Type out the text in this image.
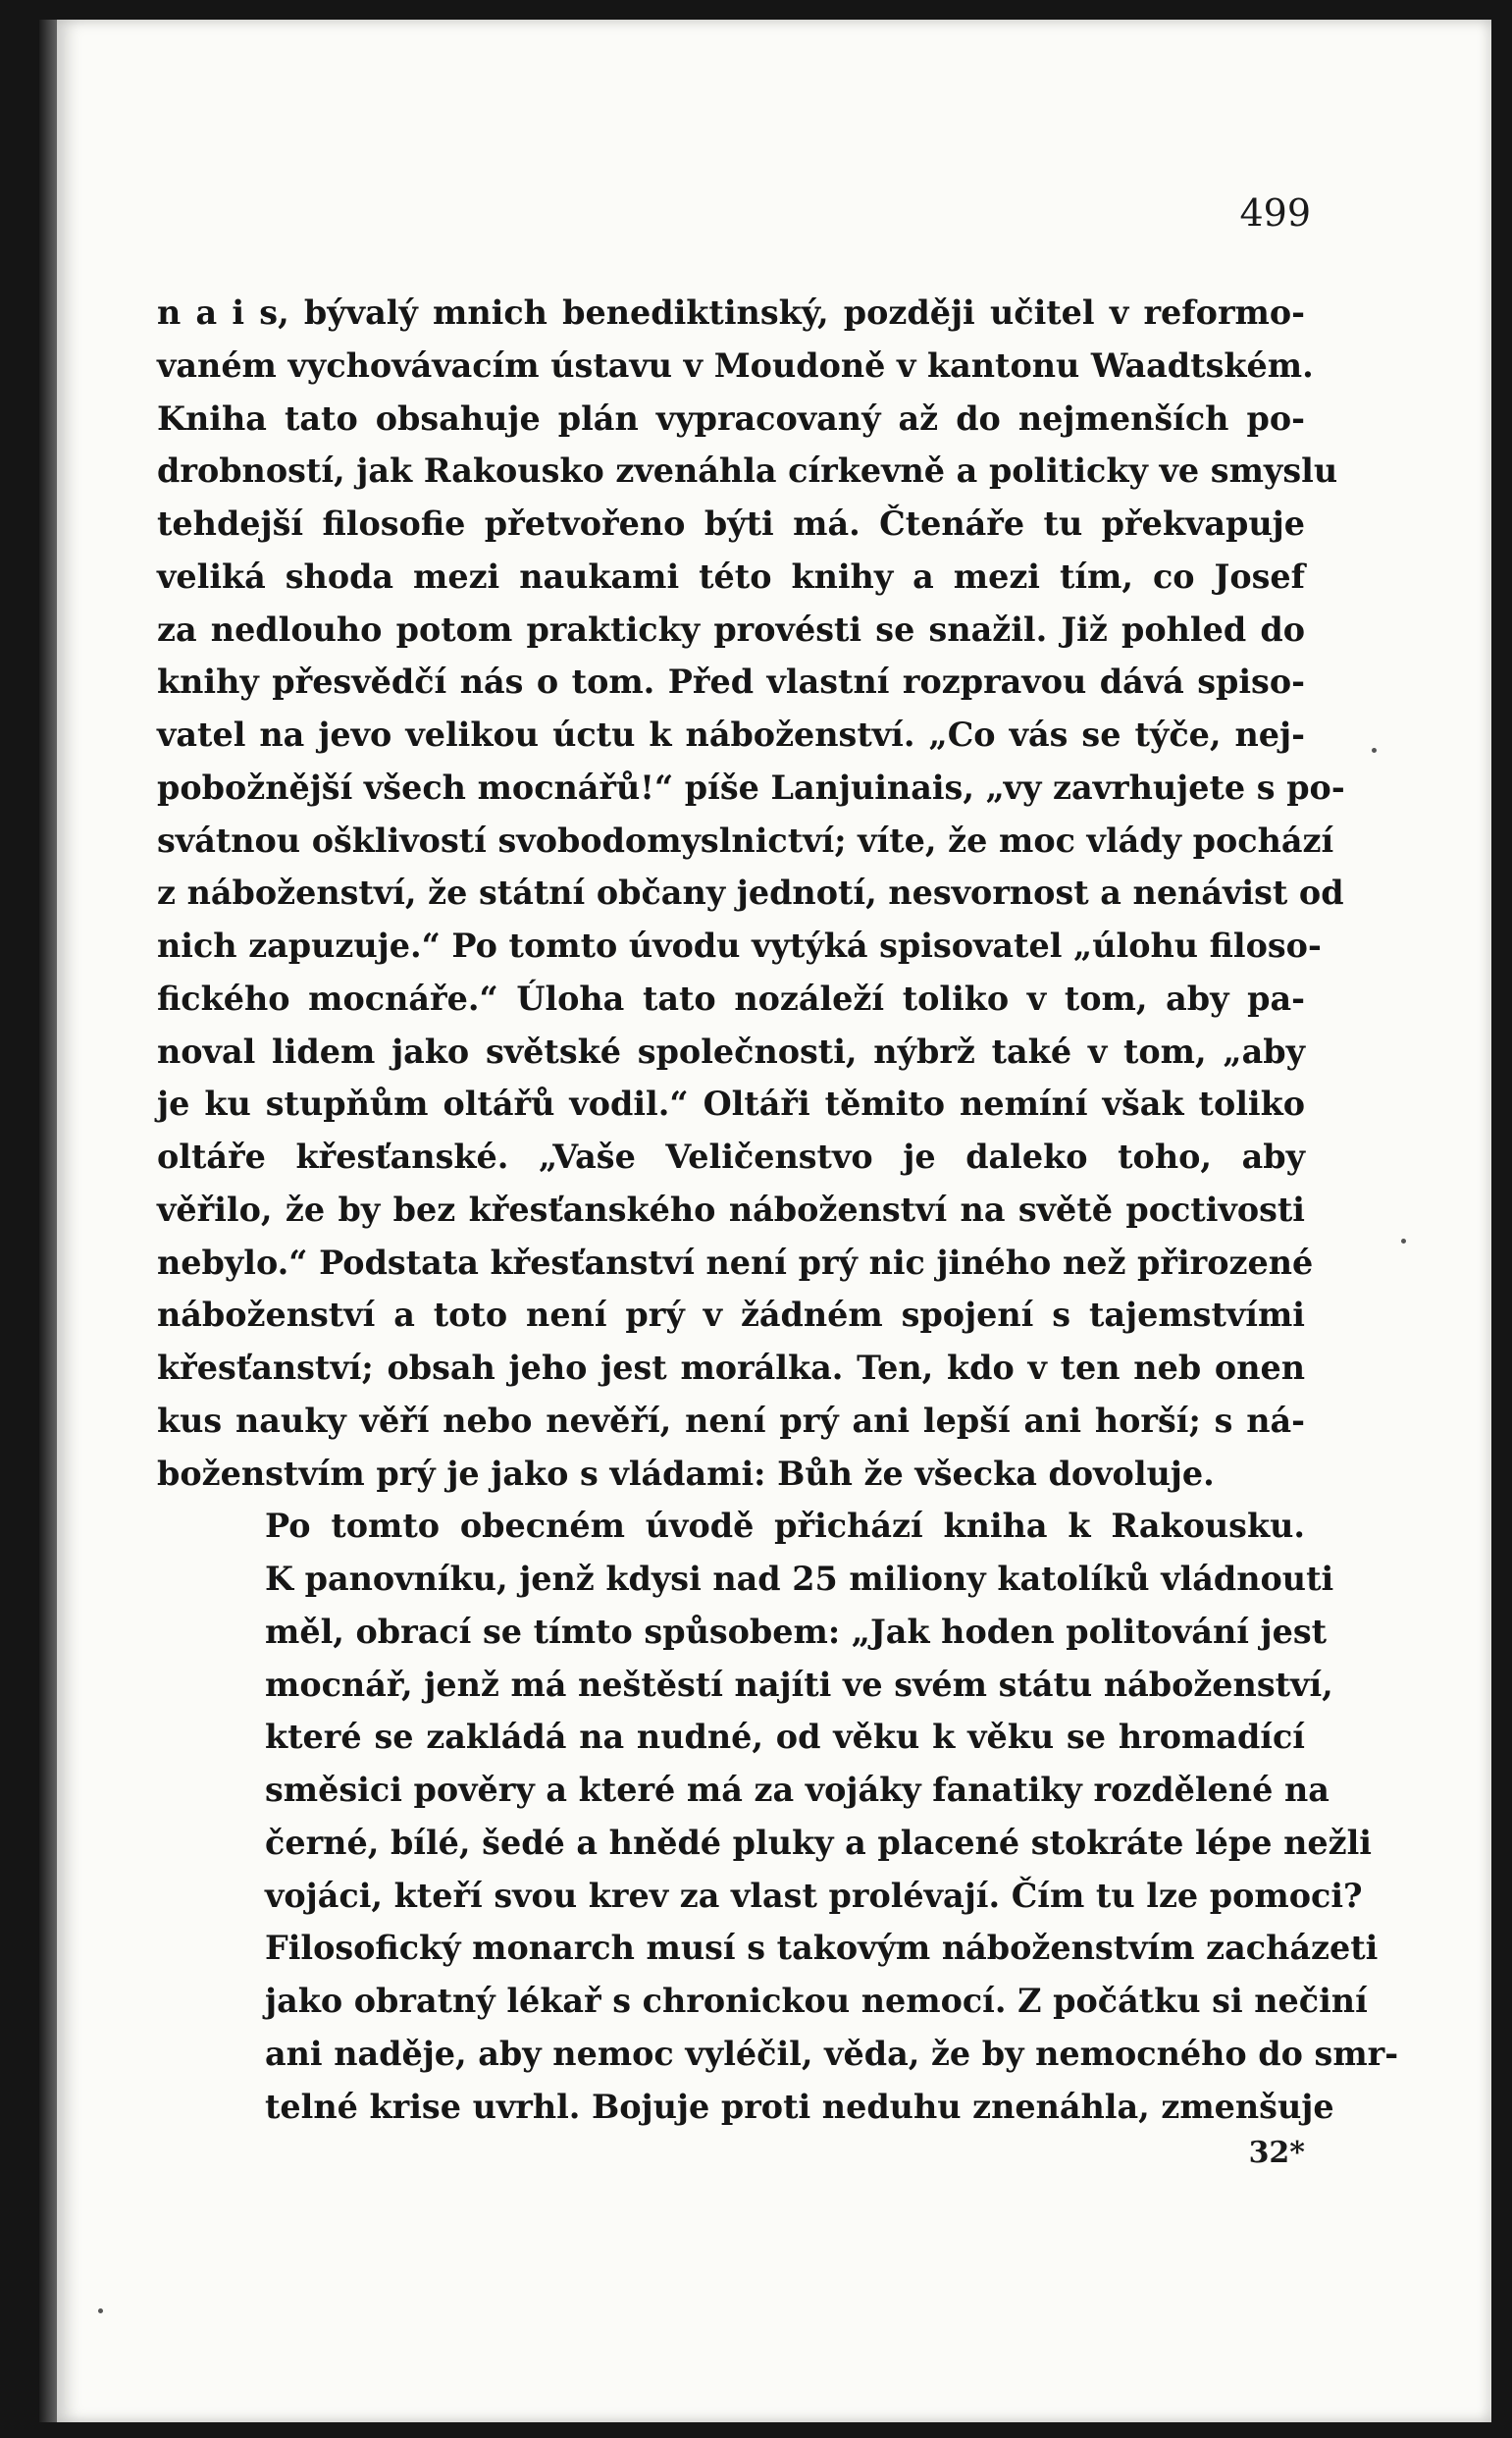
499

n a i s, bývalý mnich benediktinský, později učitel v reformo-
vaném vychovávacím ústavu v Moudoně v kantonu Waadtském.
Kniha tato obsahuje plán vypracovaný až do nejmenších po-
drobností, jak Rakousko zvenáhla církevně a politicky ve smyslu
tehdejší filosofie přetvořeno býti má. Čtenáře tu překvapuje
veliká shoda mezi naukami této knihy a mezi tím, co Josef
za nedlouho potom prakticky provésti se snažil. Již pohled do
knihy přesvědčí nás o tom. Před vlastní rozpravou dává spiso-
vatel na jevo velikou úctu k náboženství. „Co vás se týče, nej-
pobožnější všech mocnářů!“ píše Lanjuinais, „vy zavrhujete s po-
svátnou ošklivostí svobodomyslnictví; víte, že moc vlády pochází
z náboženství, že státní občany jednotí, nesvornost a nenávist od
nich zapuzuje.“ Po tomto úvodu vytýká spisovatel „úlohu filoso-
fického mocnáře.“ Úloha tato nozáleží toliko v tom, aby pa-
noval lidem jako světské společnosti, nýbrž také v tom, „aby
je ku stupňům oltářů vodil.“ Oltáři těmito nemíní však toliko
oltáře křesťanské. „Vaše Veličenstvo je daleko toho, aby
věřilo, že by bez křesťanského náboženství na světě poctivosti
nebylo.“ Podstata křesťanství není prý nic jiného než přirozené
náboženství a toto není prý v žádném spojení s tajemstvími
křesťanství; obsah jeho jest morálka. Ten, kdo v ten neb onen
kus nauky věří nebo nevěří, není prý ani lepší ani horší; s ná-
boženstvím prý je jako s vládami: Bůh že všecka dovoluje.

Po tomto obecném úvodě přichází kniha k Rakousku.
K panovníku, jenž kdysi nad 25 miliony katolíků vládnouti
měl, obrací se tímto spůsobem: „Jak hoden politování jest
mocnář, jenž má neštěstí najíti ve svém státu náboženství,
které se zakládá na nudné, od věku k věku se hromadící
směsici pověry a které má za vojáky fanatiky rozdělené na
černé, bílé, šedé a hnědé pluky a placené stokráte lépe nežli
vojáci, kteří svou krev za vlast prolévají. Čím tu lze pomoci?
Filosofický monarch musí s takovým náboženstvím zacházeti
jako obratný lékař s chronickou nemocí. Z počátku si nečiní
ani naděje, aby nemoc vyléčil, věda, že by nemocného do smr-
telné krise uvrhl. Bojuje proti neduhu znenáhla, zmenšuje

32*
